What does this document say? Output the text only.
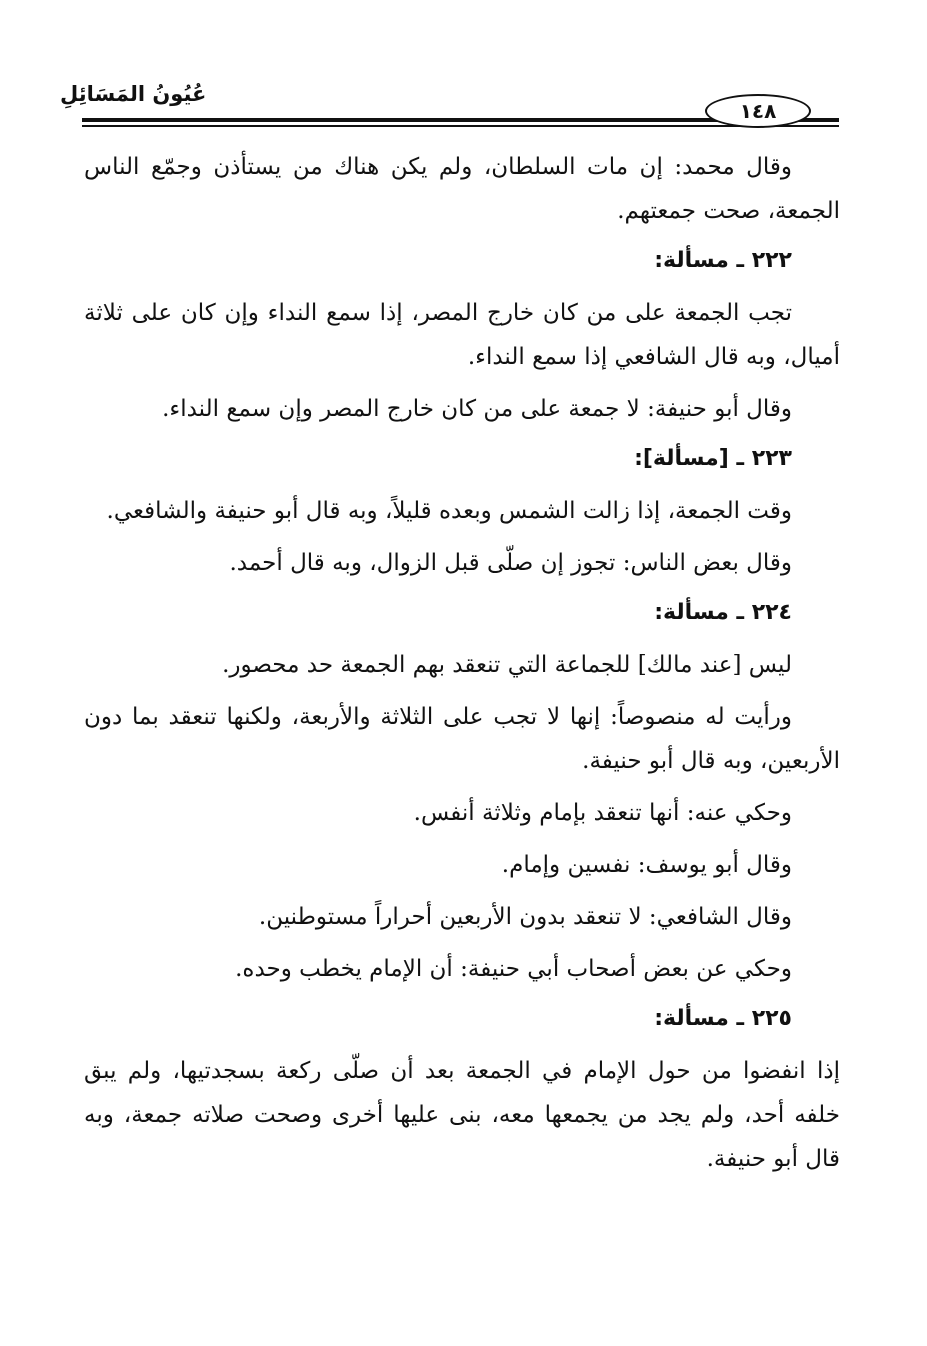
عُيُونُ المَسَائِلِ
١٤٨

وقال محمد: إن مات السلطان، ولم يكن هناك من يستأذن وجمّع الناس الجمعة، صحت جمعتهم.

٢٢٢ ـ مسألة:

تجب الجمعة على من كان خارج المصر، إذا سمع النداء وإن كان على ثلاثة أميال، وبه قال الشافعي إذا سمع النداء.

وقال أبو حنيفة: لا جمعة على من كان خارج المصر وإن سمع النداء.

٢٢٣ ـ [مسألة]:

وقت الجمعة، إذا زالت الشمس وبعده قليلاً، وبه قال أبو حنيفة والشافعي.

وقال بعض الناس: تجوز إن صلّى قبل الزوال، وبه قال أحمد.

٢٢٤ ـ مسألة:

ليس [عند مالك] للجماعة التي تنعقد بهم الجمعة حد محصور.

ورأيت له منصوصاً: إنها لا تجب على الثلاثة والأربعة، ولكنها تنعقد بما دون الأربعين، وبه قال أبو حنيفة.

وحكي عنه: أنها تنعقد بإمام وثلاثة أنفس.

وقال أبو يوسف: نفسين وإمام.

وقال الشافعي: لا تنعقد بدون الأربعين أحراراً مستوطنين.

وحكي عن بعض أصحاب أبي حنيفة: أن الإمام يخطب وحده.

٢٢٥ ـ مسألة:

إذا انفضوا من حول الإمام في الجمعة بعد أن صلّى ركعة بسجدتيها، ولم يبق خلفه أحد، ولم يجد من يجمعها معه، بنى عليها أخرى وصحت صلاته جمعة، وبه قال أبو حنيفة.
